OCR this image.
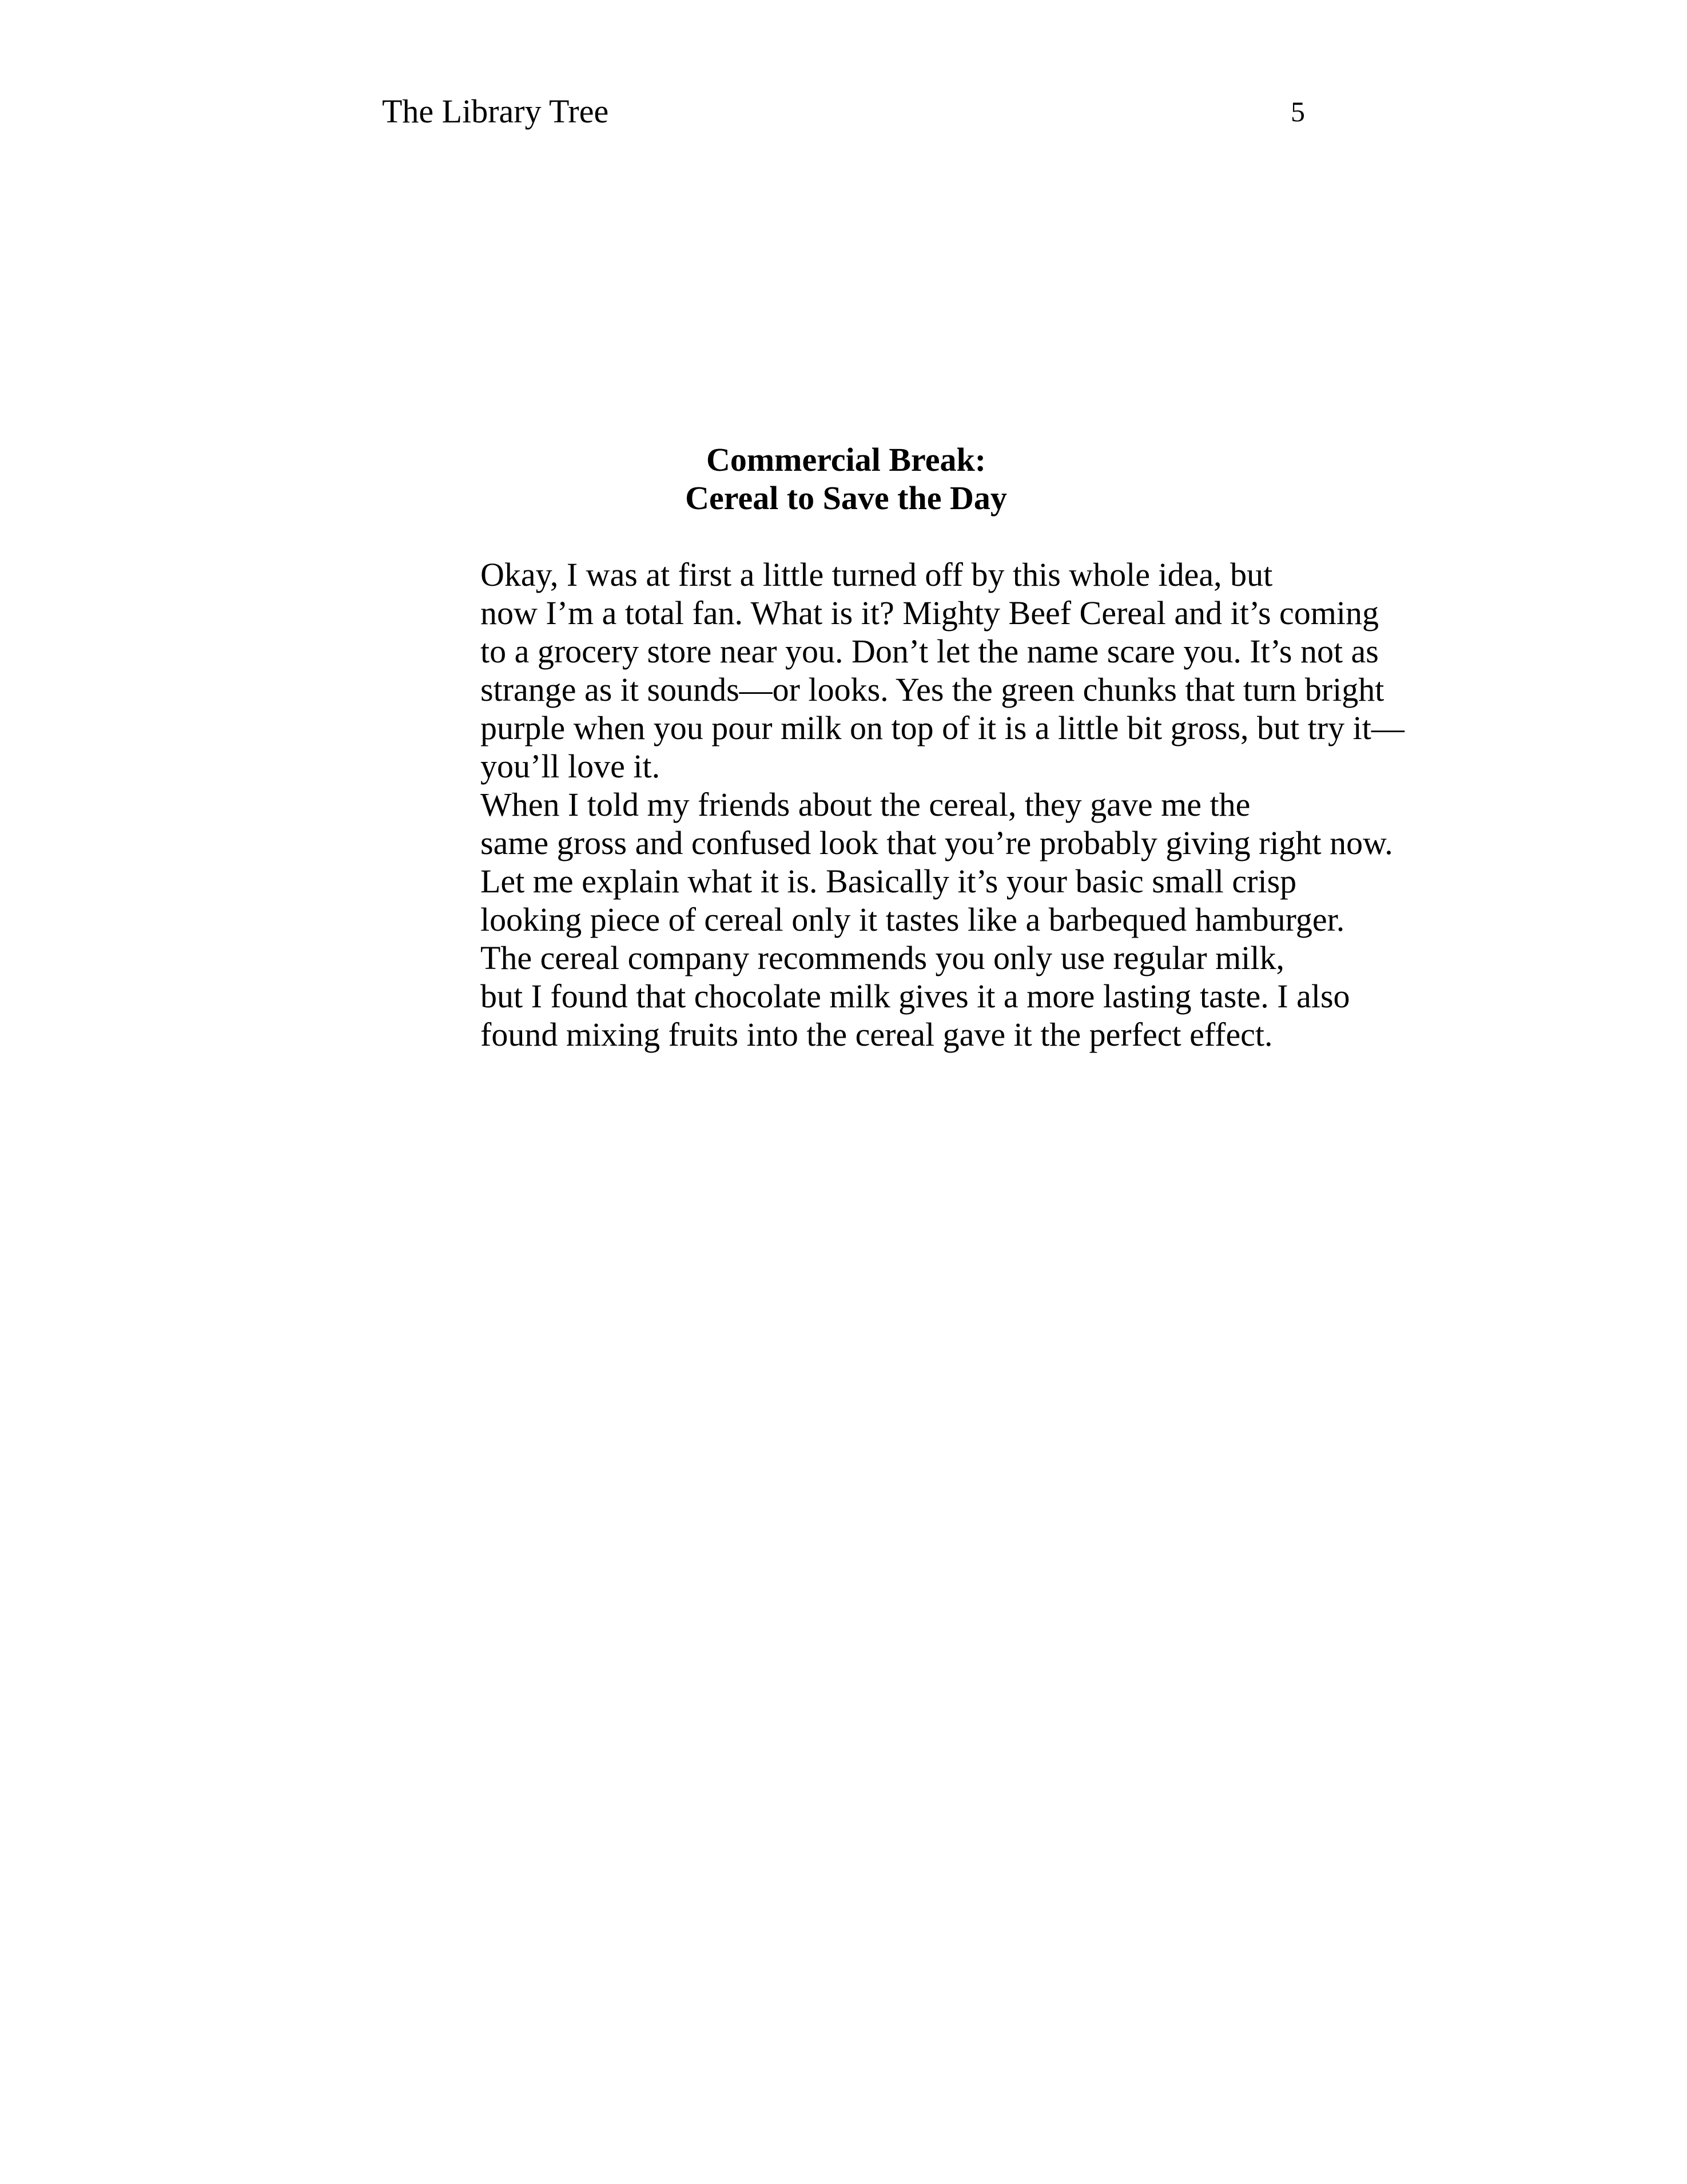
The Library Tree	5
Commercial Break:
Cereal to Save the Day

Okay, I was at first a little turned off by this whole idea, but
now I’m a total fan. What is it? Mighty Beef Cereal and it’s coming
to a grocery store near you. Don’t let the name scare you. It’s not as
strange as it sounds—or looks. Yes the green chunks that turn bright
purple when you pour milk on top of it is a little bit gross, but try it—
you’ll love it.

When I told my friends about the cereal, they gave me the
same gross and confused look that you’re probably giving right now.
Let me explain what it is. Basically it’s your basic small crisp
looking piece of cereal only it tastes like a barbequed hamburger.

The cereal company recommends you only use regular milk,
but I found that chocolate milk gives it a more lasting taste. I also
found mixing fruits into the cereal gave it the perfect effect.
